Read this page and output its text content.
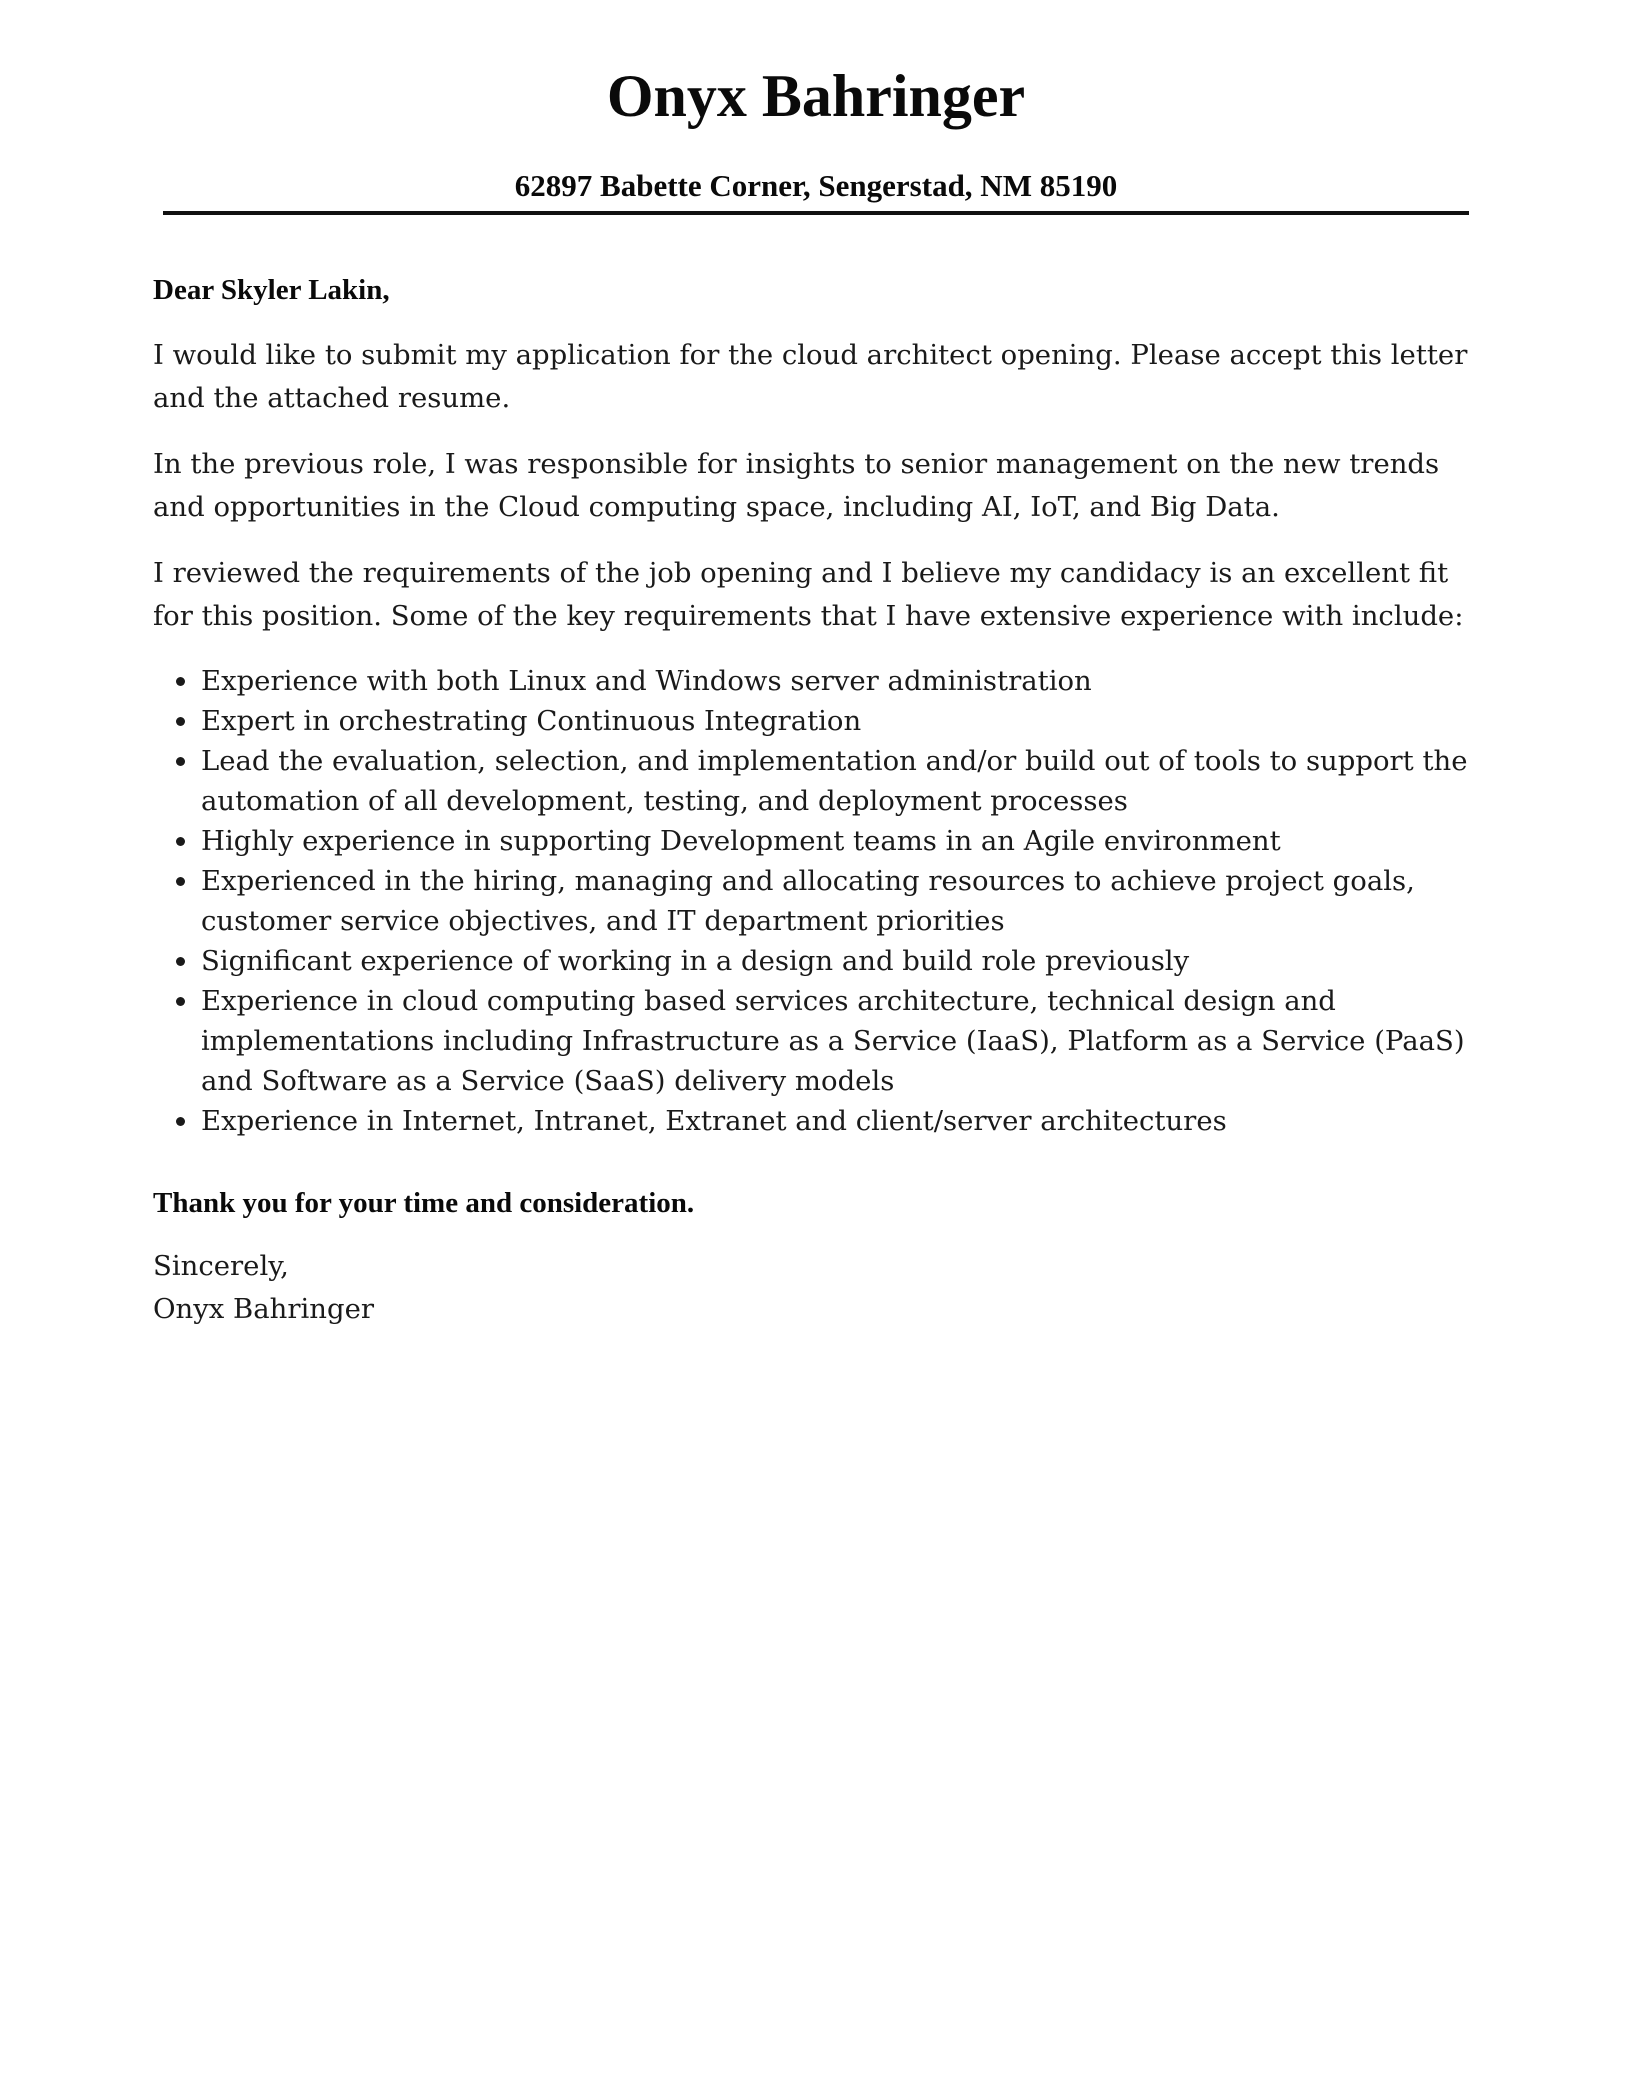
Onyx Bahringer
62897 Babette Corner, Sengerstad, NM 85190

Dear Skyler Lakin,

I would like to submit my application for the cloud architect opening. Please accept this letter and the attached resume.

In the previous role, I was responsible for insights to senior management on the new trends and opportunities in the Cloud computing space, including AI, IoT, and Big Data.

I reviewed the requirements of the job opening and I believe my candidacy is an excellent fit for this position. Some of the key requirements that I have extensive experience with include:

Experience with both Linux and Windows server administration
Expert in orchestrating Continuous Integration
Lead the evaluation, selection, and implementation and/or build out of tools to support the automation of all development, testing, and deployment processes
Highly experience in supporting Development teams in an Agile environment
Experienced in the hiring, managing and allocating resources to achieve project goals, customer service objectives, and IT department priorities
Significant experience of working in a design and build role previously
Experience in cloud computing based services architecture, technical design and implementations including Infrastructure as a Service (IaaS), Platform as a Service (PaaS) and Software as a Service (SaaS) delivery models
Experience in Internet, Intranet, Extranet and client/server architectures

Thank you for your time and consideration.

Sincerely,

Onyx Bahringer
